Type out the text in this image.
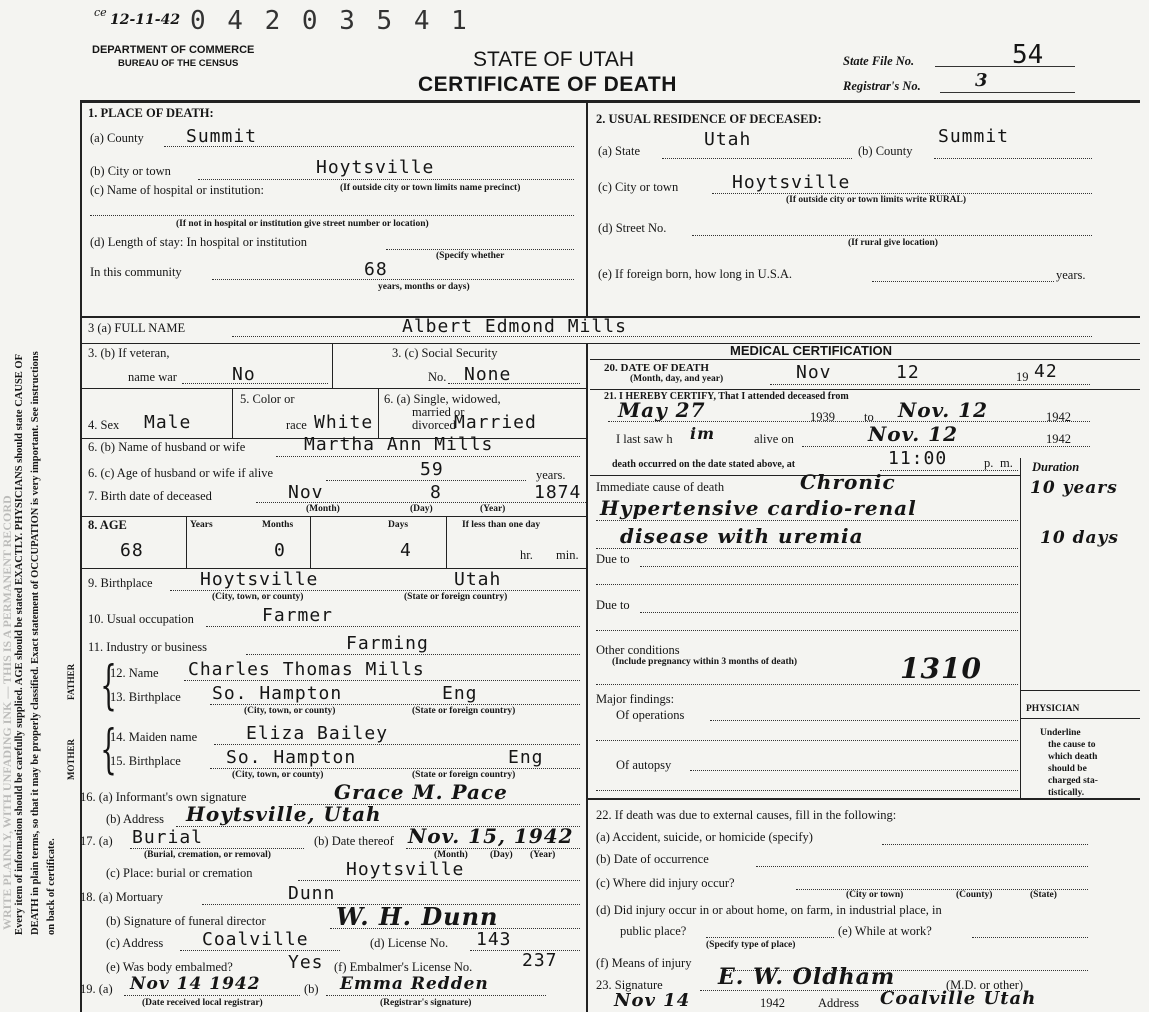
Every item of information should be carefully supplied. AGE should be stated EXACTLY. PHYSICIANS should state CAUSE OF DEATH in plain terms, so that it may be properly classified. Exact statement of OCCUPATION is very important. See instructions on back of certificate.
WRITE PLAINLY, WITH UNFADING INK — THIS IS A PERMANENT RECORD
ce 12-11-42 0 4 2 0 3 5 4 1
DEPARTMENT OF COMMERCE
BUREAU OF THE CENSUS	STATE OF UTAH
CERTIFICATE OF DEATH
State File No.	54
Registrar's No.	3
1. PLACE OF DEATH:
(a) County Summit
(b) City or town	Hoytsville
(c) Name of hospital or institution:	(If outside city or town limits name precinct)
(If not in hospital or institution give street number or location)
(d) Length of stay: In hospital or institution
(Specify whether
In this community	68
years, months or days)
2. USUAL RESIDENCE OF DECEASED:
(a) State
Utah
(b) County
Summit
(c) City or town	Hoytsville
(If outside city or town limits write RURAL)
(d) Street No.
(If rural give location)
(e) If foreign born, how long in U.S.A.	years.
3 (a) FULL NAME	Albert Edmond Mills
3. (b) If veteran,
name war	No
3. (c) Social Security
No. None
4. Sex Male
5. Color or
race White
6. (a) Single, widowed,
married or
divorced
Married
6. (b) Name of husband or wife	Martha Ann Mills
6. (c) Age of husband or wife if alive	59	years.
7. Birth date of deceased	Nov	8	1874
(Month)	(Day)	(Year)
8. AGE	Years	Months	Days	If less than one day
68	0	4	hr. min.
9. Birthplace	Hoytsville	Utah
(City, town, or county)	(State or foreign country)
10. Usual occupation	Farmer
11. Industry or business	Farming
FATHER {
12. Name Charles Thomas Mills
13. Birthplace So. Hampton	Eng
(City, town, or county)	(State or foreign country)
MOTHER {
14. Maiden name	Eliza Bailey
15. Birthplace	So. Hampton	Eng
(City, town, or county)	(State or foreign country)
16. (a) Informant's own signature	Grace M. Pace
(b) Address Hoytsville, Utah
17. (a) Burial
(Burial, cremation, or removal)
(b) Date thereof Nov. 15, 1942
(Month) (Day) (Year)
(c) Place: burial or cremation	Hoytsville
18. (a) Mortuary	Dunn
(b) Signature of funeral director	W. H. Dunn
(c) Address Coalville	(d) License No. 143
(e) Was body embalmed?	Yes (f) Embalmer's License No.	237
19. (a) Nov 14 1942
(Date received local registrar)
(b) Emma Redden
(Registrar's signature)
MEDICAL CERTIFICATION
20. DATE OF DEATH
(Month, day, and year)	Nov	12	19 42
21. I HEREBY CERTIFY, That I attended deceased from
May 27	1939 to Nov. 12	1942
I last saw h im	alive on	Nov. 12	1942
death occurred on the date stated above, at	11:00	p. m. Duration
Immediate cause of death	Chronic
Hypertensive cardio-renal
disease with uremia
10 years
10 days
Due to
Due to
Other conditions
(Include pregnancy within 3 months of death)	1310
Major findings:
Of operations
Of autopsy
PHYSICIAN
Underline
the cause to
which death
should be
charged sta-
tistically.
22. If death was due to external causes, fill in the following:
(a) Accident, suicide, or homicide (specify)
(b) Date of occurrence
(c) Where did injury occur?
(City or town)	(County)	(State)
(d) Did injury occur in or about home, on farm, in industrial place, in
public place?
(Specify type of place)
(e) While at work?
(f) Means of injury
23. Signature	E. W. Oldham	(M.D. or other)
Nov 14	1942	Address Coalville Utah
